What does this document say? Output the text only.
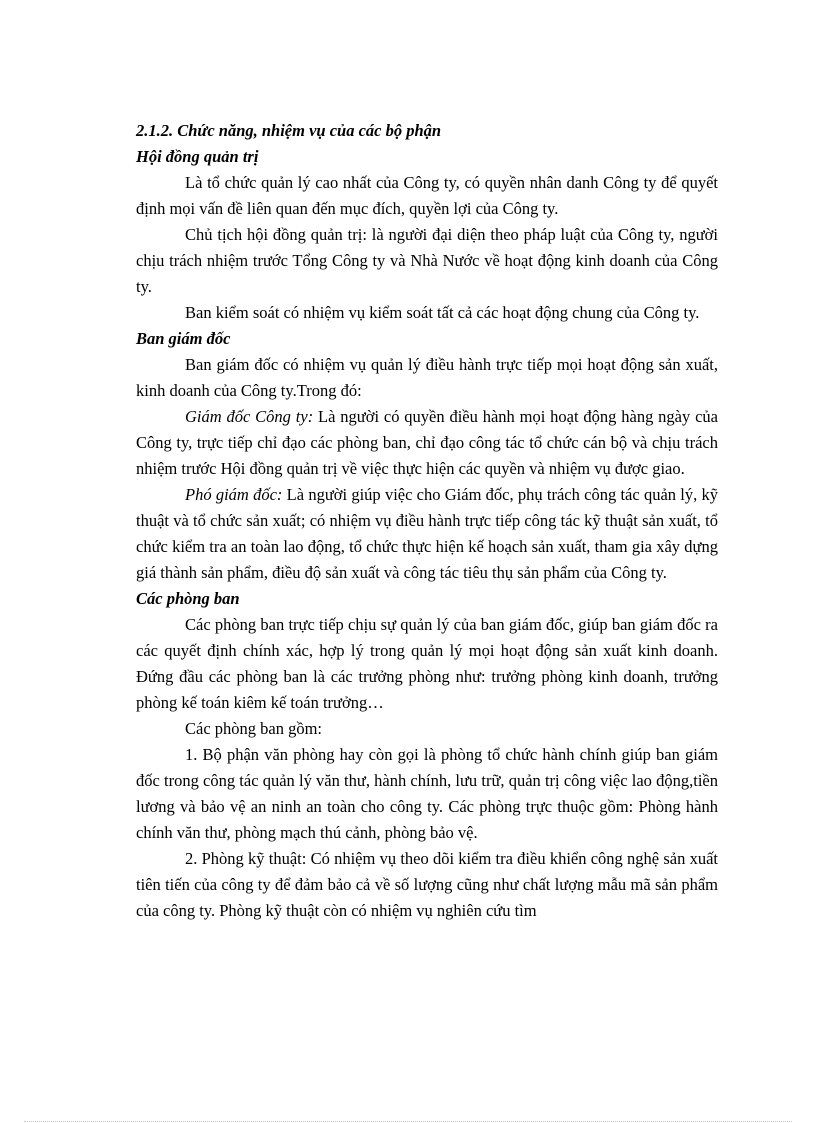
2.1.2. Chức năng, nhiệm vụ của các bộ phận

Hội đồng quản trị

Là tổ chức quản lý cao nhất của Công ty, có quyền nhân danh Công ty để quyết định mọi vấn đề liên quan đến mục đích, quyền lợi của Công ty.

Chủ tịch hội đồng quản trị: là người đại diện theo pháp luật của Công ty, người chịu trách nhiệm trước Tổng Công ty và Nhà Nước về hoạt động kinh doanh của Công ty.

Ban kiểm soát có nhiệm vụ kiểm soát tất cả các hoạt động chung của Công ty.

Ban giám đốc

Ban giám đốc có nhiệm vụ quản lý điều hành trực tiếp mọi hoạt động sản xuất, kinh doanh của Công ty.Trong đó:

Giám đốc Công ty: Là người có quyền điều hành mọi hoạt động hàng ngày của Công ty, trực tiếp chỉ đạo các phòng ban, chỉ đạo công tác tổ chức cán bộ và chịu trách nhiệm trước Hội đồng quản trị về việc thực hiện các quyền và nhiệm vụ được giao.

Phó giám đốc: Là người giúp việc cho Giám đốc, phụ trách công tác quản lý, kỹ thuật và tổ chức sản xuất; có nhiệm vụ điều hành trực tiếp công tác kỹ thuật sản xuất, tổ chức kiểm tra an toàn lao động, tổ chức thực hiện kế hoạch sản xuất, tham gia xây dựng giá thành sản phẩm, điều độ sản xuất và công tác tiêu thụ sản phẩm của Công ty.

Các phòng ban

Các phòng ban trực tiếp chịu sự quản lý của ban giám đốc, giúp ban giám đốc ra các quyết định chính xác, hợp lý trong quản lý mọi hoạt động sản xuất kinh doanh. Đứng đầu các phòng ban là các trưởng phòng như: trưởng phòng kinh doanh, trưởng phòng kế toán kiêm kế toán trưởng…

Các phòng ban gồm:

1. Bộ phận văn phòng hay còn gọi là phòng tổ chức hành chính giúp ban giám đốc trong công tác quản lý văn thư, hành chính, lưu trữ, quản trị công việc lao động,tiền lương và bảo vệ an ninh an toàn cho công ty. Các phòng trực thuộc gồm: Phòng hành chính văn thư, phòng mạch thú cảnh, phòng bảo vệ.

2. Phòng kỹ thuật: Có nhiệm vụ theo dõi kiểm tra điều khiển công nghệ sản xuất tiên tiến của công ty để đảm bảo cả về số lượng cũng như chất lượng mẫu mã sản phẩm của công ty. Phòng kỹ thuật còn có nhiệm vụ nghiên cứu tìm
